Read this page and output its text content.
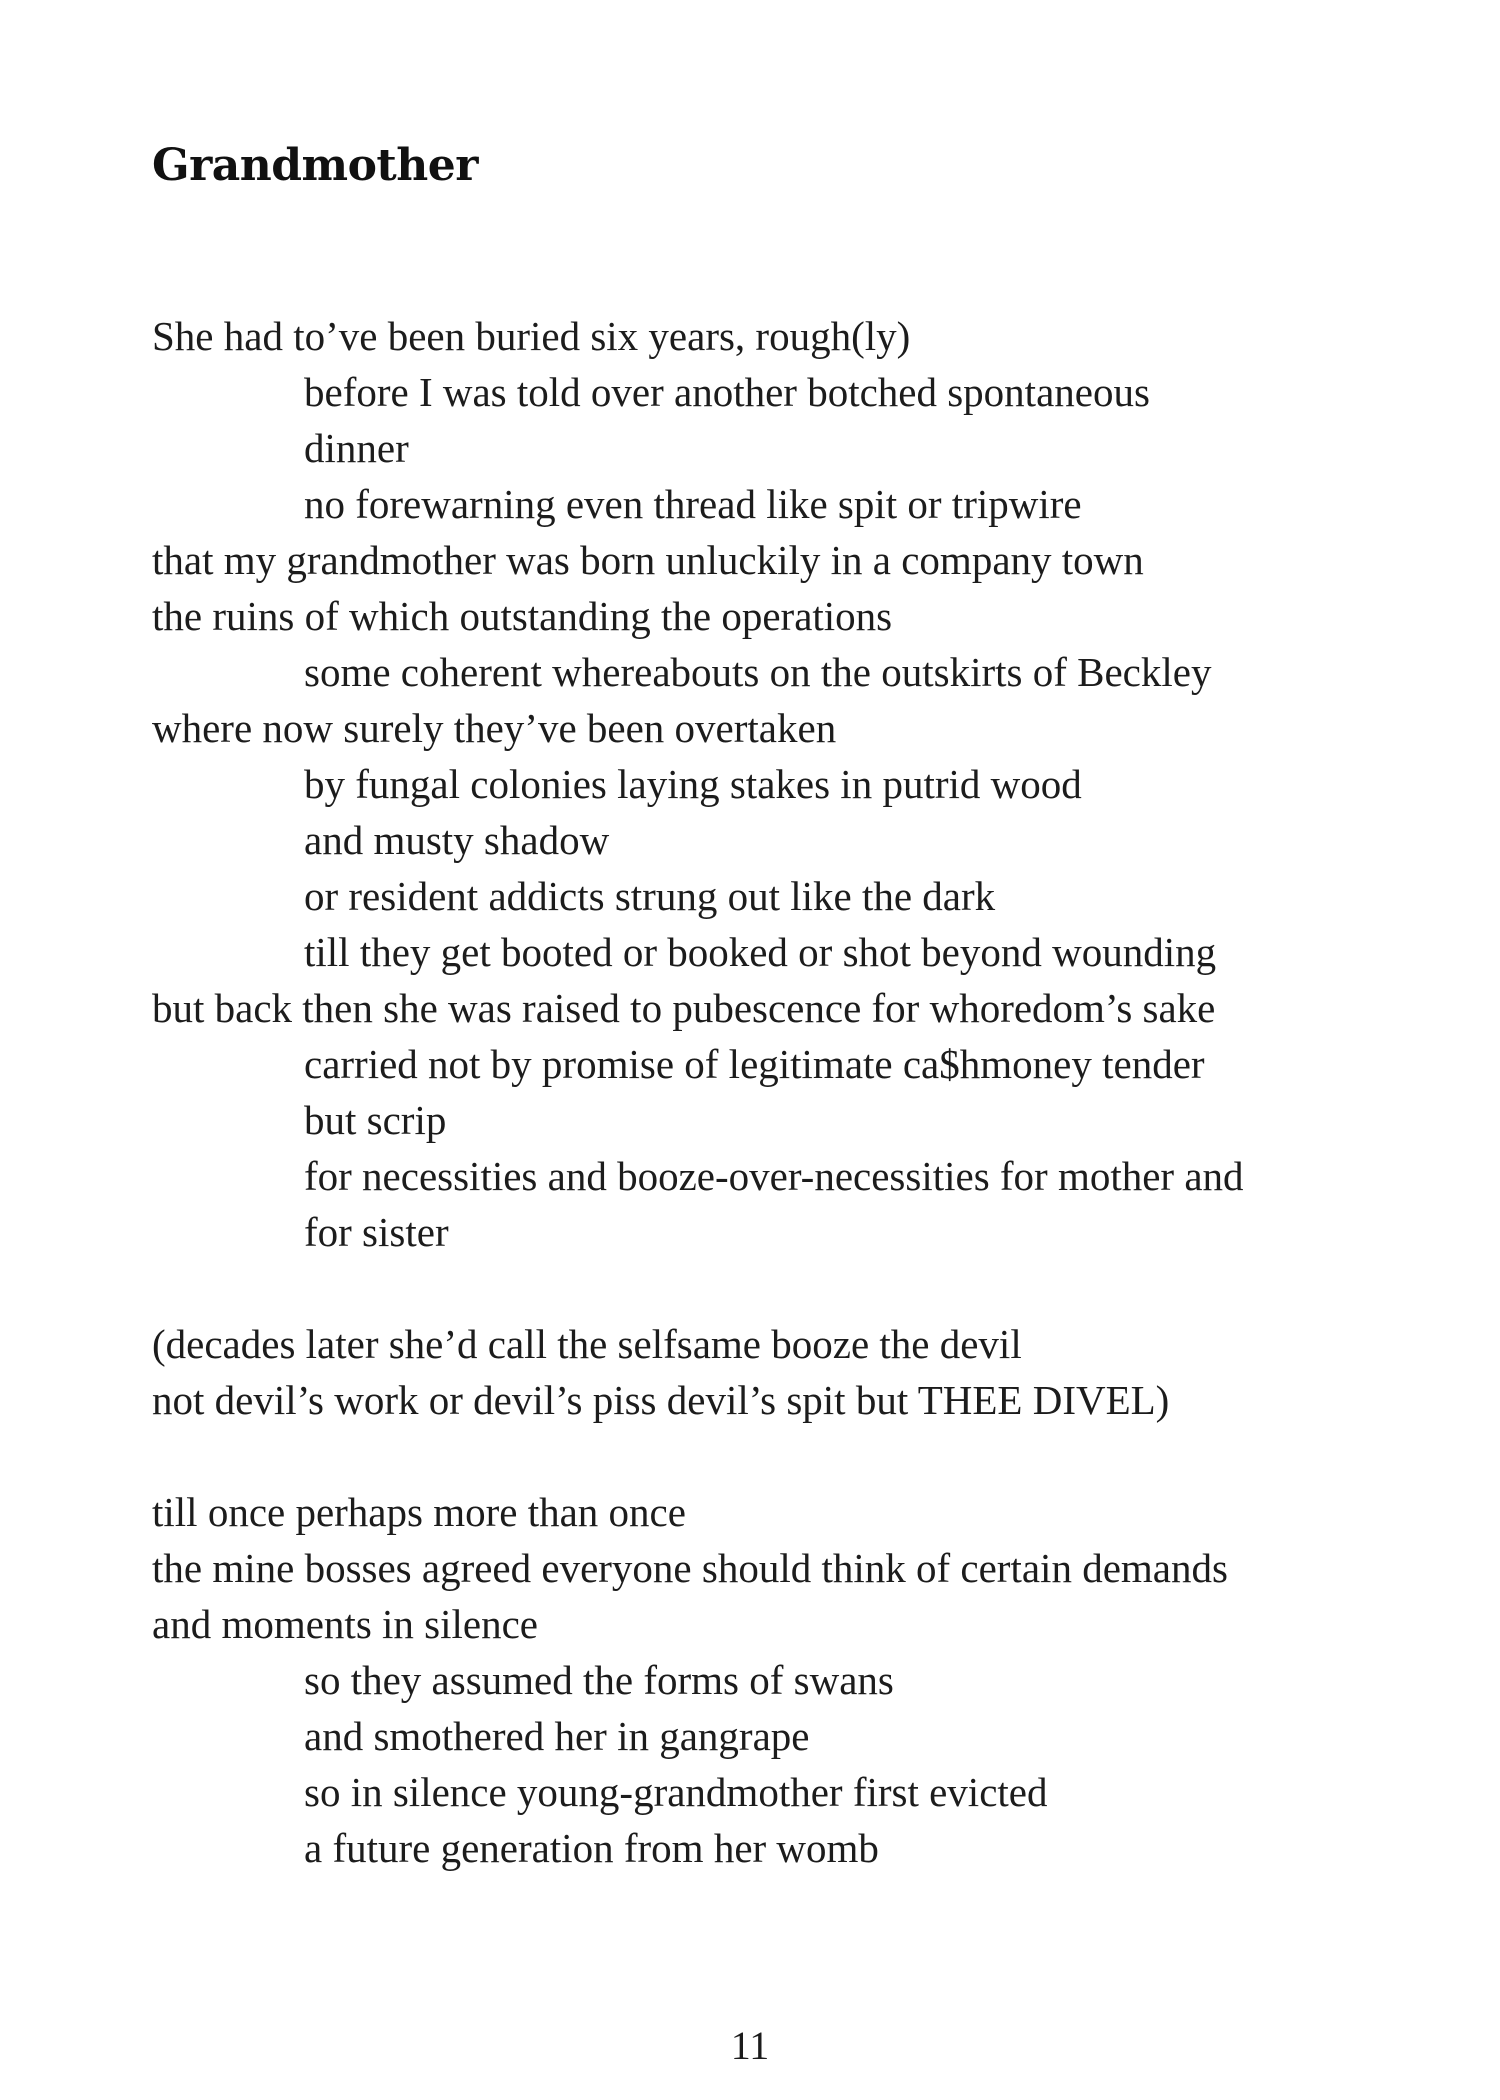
Grandmother
She had to’ve been buried six years, rough(ly)
before I was told over another botched spontaneous
dinner
no forewarning even thread like spit or tripwire
that my grandmother was born unluckily in a company town
the ruins of which outstanding the operations
some coherent whereabouts on the outskirts of Beckley
where now surely they’ve been overtaken
by fungal colonies laying stakes in putrid wood
and musty shadow
or resident addicts strung out like the dark
till they get booted or booked or shot beyond wounding
but back then she was raised to pubescence for whoredom’s sake
carried not by promise of legitimate ca$hmoney tender
but scrip
for necessities and booze-over-necessities for mother and
for sister
(decades later she’d call the selfsame booze the devil
not devil’s work or devil’s piss devil’s spit but THEE DIVEL)
till once perhaps more than once
the mine bosses agreed everyone should think of certain demands
and moments in silence
so they assumed the forms of swans
and smothered her in gangrape
so in silence young-grandmother first evicted
a future generation from her womb
11
